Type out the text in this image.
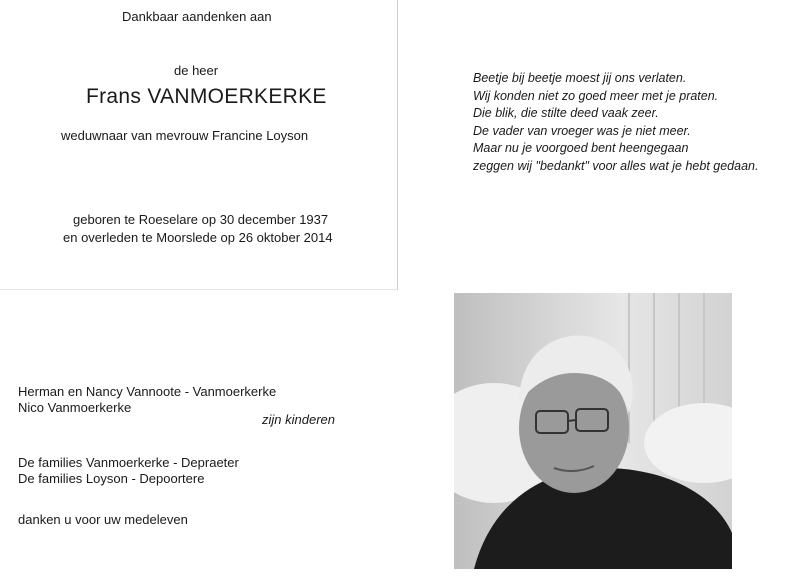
Dankbaar aandenken aan
de heer
Frans VANMOERKERKE
weduwnaar van mevrouw Francine Loyson
geboren te Roeselare op 30 december 1937
en overleden te Moorslede op 26 oktober 2014
Beetje bij beetje moest jij ons verlaten.
Wij konden niet zo goed meer met je praten.
Die blik, die stilte deed vaak zeer.
De vader van vroeger was je niet meer.
Maar nu je voorgoed bent heengegaan
zeggen wij "bedankt" voor alles wat je hebt gedaan.
Herman en Nancy Vannoote - Vanmoerkerke
Nico Vanmoerkerke
zijn kinderen
De families Vanmoerkerke - Depraeter
De families Loyson - Depoortere
danken u voor uw medeleven
